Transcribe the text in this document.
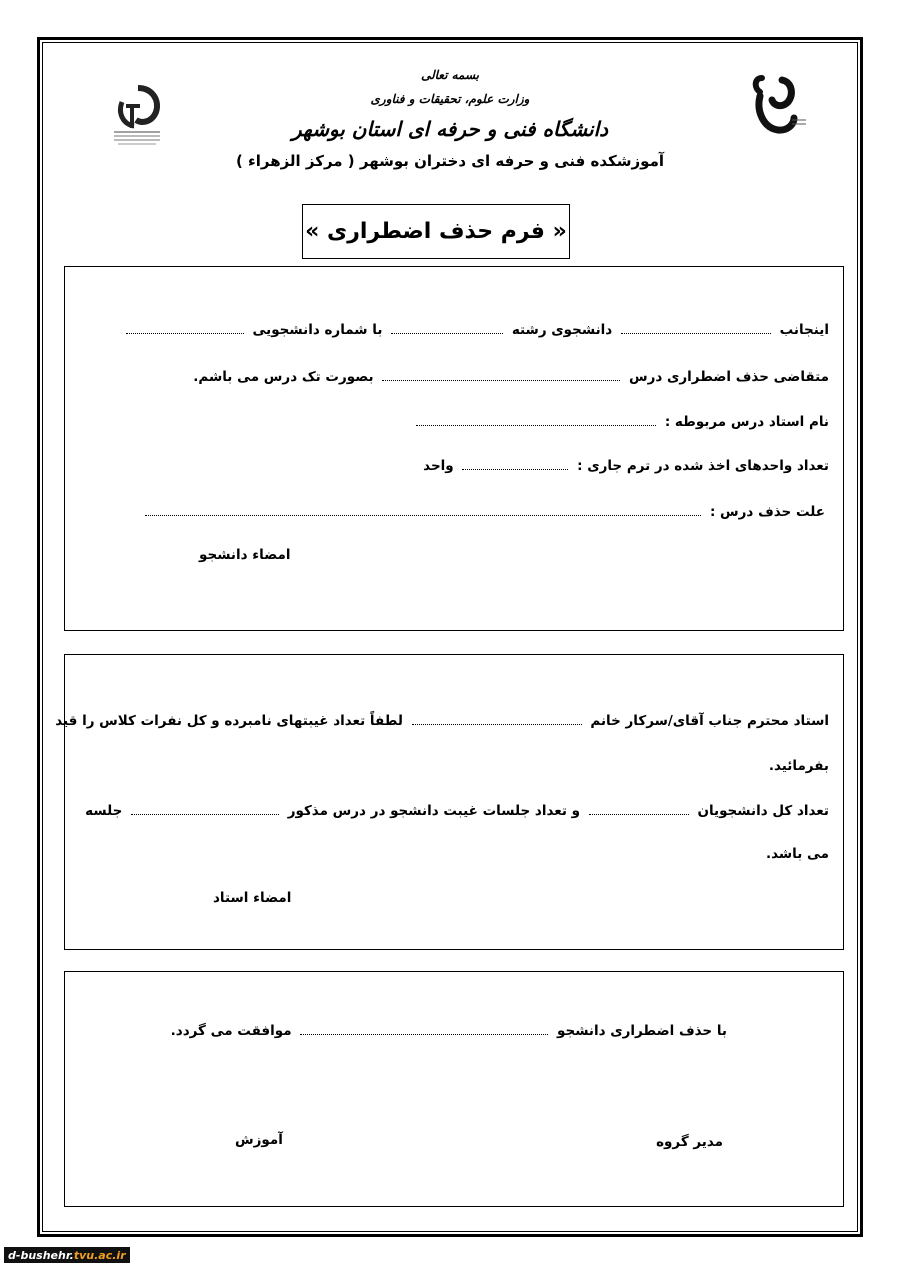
بسمه تعالی
وزارت علوم، تحقیقات و فناوری
دانشگاه فنی و حرفه ای استان بوشهر
آموزشکده فنی و حرفه ای دختران بوشهر ( مرکز الزهراء )
« فرم حذف اضطراری »
اینجانب  دانشجوی رشته  با شماره دانشجویی
متقاضی حذف اضطراری درس  بصورت تک درس می باشم.
نام استاد درس مربوطه :
تعداد واحدهای اخذ شده در ترم جاری :  واحد
علت حذف درس :
امضاء دانشجو
استاد محترم جناب آقای/سرکار خانم  لطفاً تعداد غیبتهای نامبرده و کل نفرات کلاس را قید
بفرمائید.
تعداد کل دانشجویان  و تعداد جلسات غیبت دانشجو در درس مذکور  جلسه
می باشد.
امضاء استاد
با حذف اضطراری دانشجو  موافقت می گردد.
مدیر گروه
آموزش
d-bushehr. tvu.ac.ir
